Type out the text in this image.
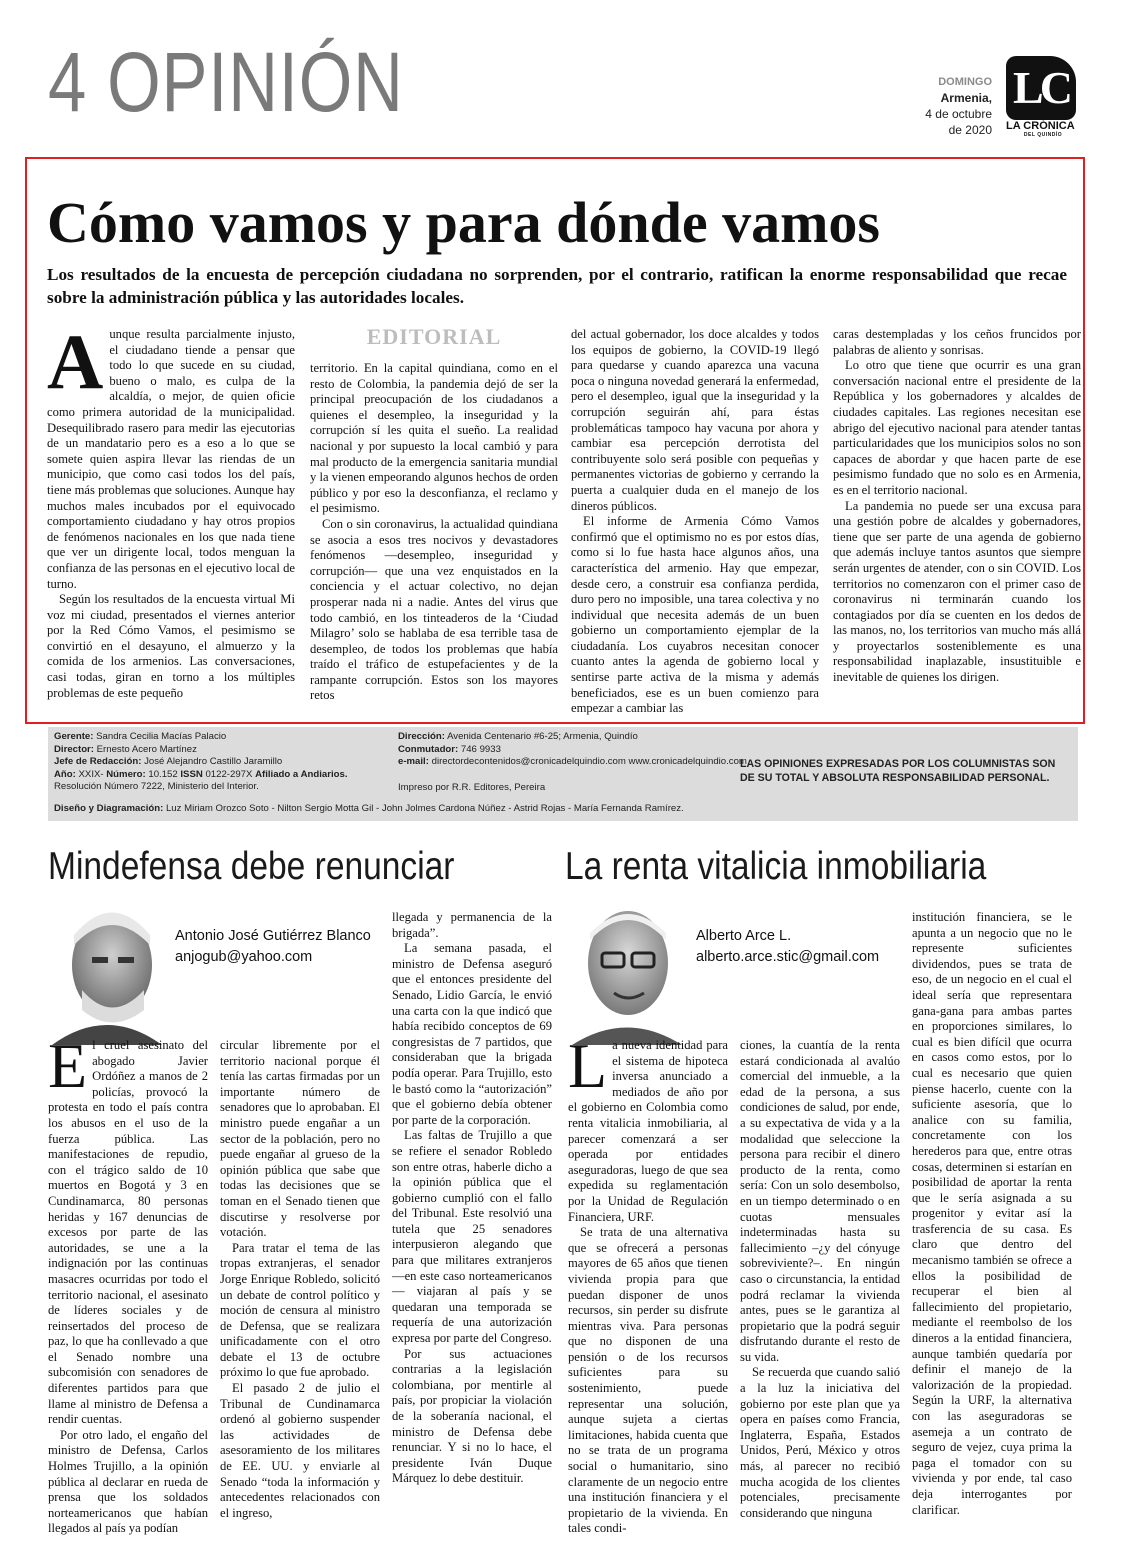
4 OPINIÓN	DOMINGO
Armenia,
4 de octubre
de 2020
LC
LA CRÓNICA
DEL QUINDÍO
Cómo vamos y para dónde vamos
Los resultados de la encuesta de percepción ciudadana no sorprenden, por el contrario, ratifican la enorme responsabilidad que recae sobre la administración pública y las autoridades locales.
A unque resulta parcialmente injusto, el ciudadano tiende a pensar que todo lo que sucede en su ciudad, bueno o malo, es culpa de la alcaldía, o mejor, de quien oficie como primera autoridad de la municipalidad. Desequilibrado rasero para medir las ejecutorias de un mandatario pero es a eso a lo que se somete quien aspira llevar las riendas de un municipio, que como casi todos los del país, tiene más problemas que soluciones. Aunque hay muchos males incubados por el equivocado comportamiento ciudadano y hay otros propios de fenómenos nacionales en los que nada tiene que ver un dirigente local, todos menguan la confianza de las personas en el ejecutivo local de turno.

Según los resultados de la encuesta virtual Mi voz mi ciudad, presentados el viernes anterior por la Red Cómo Vamos, el pesimismo se convirtió en el desayuno, el almuerzo y la comida de los armenios. Las conversaciones, casi todas, giran en torno a los múltiples problemas de este pequeño

EDITORIAL

territorio. En la capital quindiana, como en el resto de Colombia, la pandemia dejó de ser la principal preocupación de los ciudadanos a quienes el desempleo, la inseguridad y la corrupción sí les quita el sueño. La realidad nacional y por supuesto la local cambió y para mal producto de la emergencia sanitaria mundial y la vienen empeorando algunos hechos de orden público y por eso la desconfianza, el reclamo y el pesimismo.

Con o sin coronavirus, la actualidad quindiana se asocia a esos tres nocivos y devastadores fenómenos —desempleo, inseguridad y corrupción— que una vez enquistados en la conciencia y el actuar colectivo, no dejan prosperar nada ni a nadie. Antes del virus que todo cambió, en los tinteaderos de la ‘Ciudad Milagro’ solo se hablaba de esa terrible tasa de desempleo, de todos los problemas que había traído el tráfico de estupefacientes y de la rampante corrupción. Estos son los mayores retos

del actual gobernador, los doce alcaldes y todos los equipos de gobierno, la COVID-19 llegó para quedarse y cuando aparezca una vacuna poca o ninguna novedad generará la enfermedad, pero el desempleo, igual que la inseguridad y la corrupción seguirán ahí, para éstas problemáticas tampoco hay vacuna por ahora y cambiar esa percepción derrotista del contribuyente solo será posible con pequeñas y permanentes victorias de gobierno y cerrando la puerta a cualquier duda en el manejo de los dineros públicos.

El informe de Armenia Cómo Vamos confirmó que el optimismo no es por estos días, como si lo fue hasta hace algunos años, una característica del armenio. Hay que empezar, desde cero, a construir esa confianza perdida, duro pero no imposible, una tarea colectiva y no individual que necesita además de un buen gobierno un comportamiento ejemplar de la ciudadanía. Los cuyabros necesitan conocer cuanto antes la agenda de gobierno local y sentirse parte activa de la misma y además beneficiados, ese es un buen comienzo para empezar a cambiar las

caras destempladas y los ceños fruncidos por palabras de aliento y sonrisas.

Lo otro que tiene que ocurrir es una gran conversación nacional entre el presidente de la República y los gobernadores y alcaldes de ciudades capitales. Las regiones necesitan ese abrigo del ejecutivo nacional para atender tantas particularidades que los municipios solos no son capaces de abordar y que hacen parte de ese pesimismo fundado que no solo es en Armenia, es en el territorio nacional.

La pandemia no puede ser una excusa para una gestión pobre de alcaldes y gobernadores, tiene que ser parte de una agenda de gobierno que además incluye tantos asuntos que siempre serán urgentes de atender, con o sin COVID. Los territorios no comenzaron con el primer caso de coronavirus ni terminarán cuando los contagiados por día se cuenten en los dedos de las manos, no, los territorios van mucho más allá y proyectarlos sosteniblemente es una responsabilidad inaplazable, insustituible e inevitable de quienes los dirigen.

Gerente: Sandra Cecilia Macías Palacio
Director: Ernesto Acero Martínez
Jefe de Redacción: José Alejandro Castillo Jaramillo
Año: XXIX- Número: 10.152 ISSN 0122-297X Afiliado a Andiarios.
Resolución Número 7222, Ministerio del Interior.
Dirección: Avenida Centenario #6-25; Armenia, Quindío
Conmutador: 746 9933
e-mail: directordecontenidos@cronicadelquindio.com www.cronicadelquindio.com
Impreso por R.R. Editores, Pereira
LAS OPINIONES EXPRESADAS POR LOS COLUMNISTAS SON DE SU TOTAL Y ABSOLUTA RESPONSABILIDAD PERSONAL.
Diseño y Diagramación: Luz Miriam Orozco Soto - Nilton Sergio Motta Gil - John Jolmes Cardona Núñez - Astrid Rojas - María Fernanda Ramírez.
Mindefensa debe renunciar
Antonio José Gutiérrez Blanco
anjogub@yahoo.com
E l cruel asesinato del abogado Javier Ordóñez a manos de 2 policías, provocó la protesta en todo el país contra los abusos en el uso de la fuerza pública. Las manifestaciones de repudio, con el trágico saldo de 10 muertos en Bogotá y 3 en Cundinamarca, 80 personas heridas y 167 denuncias de excesos por parte de las autoridades, se une a la indignación por las continuas masacres ocurridas por todo el territorio nacional, el asesinato de líderes sociales y de reinsertados del proceso de paz, lo que ha conllevado a que el Senado nombre una subcomisión con senadores de diferentes partidos para que llame al ministro de Defensa a rendir cuentas.

Por otro lado, el engaño del ministro de Defensa, Carlos Holmes Trujillo, a la opinión pública al declarar en rueda de prensa que los soldados norteamericanos que habían llegados al país ya podían

circular libremente por el territorio nacional porque él tenía las cartas firmadas por un importante número de senadores que lo aprobaban. El ministro puede engañar a un sector de la población, pero no puede engañar al grueso de la opinión pública que sabe que todas las decisiones que se toman en el Senado tienen que discutirse y resolverse por votación.

Para tratar el tema de las tropas extranjeras, el senador Jorge Enrique Robledo, solicitó un debate de control político y moción de censura al ministro de Defensa, que se realizara unificadamente con el otro debate el 13 de octubre próximo lo que fue aprobado.

El pasado 2 de julio el Tribunal de Cundinamarca ordenó al gobierno suspender las actividades de asesoramiento de los militares de EE. UU. y enviarle al Senado “toda la información y antecedentes relacionados con el ingreso,

llegada y permanencia de la brigada”.

La semana pasada, el ministro de Defensa aseguró que el entonces presidente del Senado, Lidio García, le envió una carta con la que indicó que había recibido conceptos de 69 congresistas de 7 partidos, que consideraban que la brigada podía operar. Para Trujillo, esto le bastó como la “autorización” que el gobierno debía obtener por parte de la corporación.

Las faltas de Trujillo a que se refiere el senador Robledo son entre otras, haberle dicho a la opinión pública que el gobierno cumplió con el fallo del Tribunal. Este resolvió una tutela que 25 senadores interpusieron alegando que para que militares extranjeros —en este caso norteamericanos— viajaran al país y se quedaran una temporada se requería de una autorización expresa por parte del Congreso.

Por sus actuaciones contrarias a la legislación colombiana, por mentirle al país, por propiciar la violación de la soberanía nacional, el ministro de Defensa debe renunciar. Y si no lo hace, el presidente Iván Duque Márquez lo debe destituir.

La renta vitalicia inmobiliaria
Alberto Arce L.
alberto.arce.stic@gmail.com
L a nueva identidad para el sistema de hipoteca inversa anunciado a mediados de año por el gobierno en Colombia como renta vitalicia inmobiliaria, al parecer comenzará a ser operada por entidades aseguradoras, luego de que sea expedida su reglamentación por la Unidad de Regulación Financiera, URF.

Se trata de una alternativa que se ofrecerá a personas mayores de 65 años que tienen vivienda propia para que puedan disponer de unos recursos, sin perder su disfrute mientras viva. Para personas que no disponen de una pensión o de los recursos suficientes para su sostenimiento, puede representar una solución, aunque sujeta a ciertas limitaciones, habida cuenta que no se trata de un programa social o humanitario, sino claramente de un negocio entre una institución financiera y el propietario de la vivienda. En tales condi-

ciones, la cuantía de la renta estará condicionada al avalúo comercial del inmueble, a la edad de la persona, a sus condiciones de salud, por ende, a su expectativa de vida y a la modalidad que seleccione la persona para recibir el dinero producto de la renta, como sería: Con un solo desembolso, en un tiempo determinado o en cuotas mensuales indeterminadas hasta su fallecimiento –¿y del cónyuge sobreviviente?–. En ningún caso o circunstancia, la entidad podrá reclamar la vivienda antes, pues se le garantiza al propietario que la podrá seguir disfrutando durante el resto de su vida.

Se recuerda que cuando salió a la luz la iniciativa del gobierno por este plan que ya opera en países como Francia, Inglaterra, España, Estados Unidos, Perú, México y otros más, al parecer no recibió mucha acogida de los clientes potenciales, precisamente considerando que ninguna

institución financiera, se le apunta a un negocio que no le represente suficientes dividendos, pues se trata de eso, de un negocio en el cual el ideal sería que representara gana-gana para ambas partes en proporciones similares, lo cual es bien difícil que ocurra en casos como estos, por lo cual es necesario que quien piense hacerlo, cuente con la suficiente asesoría, que lo analice con su familia, concretamente con los herederos para que, entre otras cosas, determinen si estarían en posibilidad de aportar la renta que le sería asignada a su progenitor y evitar así la trasferencia de su casa. Es claro que dentro del mecanismo también se ofrece a ellos la posibilidad de recuperar el bien al fallecimiento del propietario, mediante el reembolso de los dineros a la entidad financiera, aunque también quedaría por definir el manejo de la valorización de la propiedad. Según la URF, la alternativa con las aseguradoras se asemeja a un contrato de seguro de vejez, cuya prima la paga el tomador con su vivienda y por ende, tal caso deja interrogantes por clarificar.
